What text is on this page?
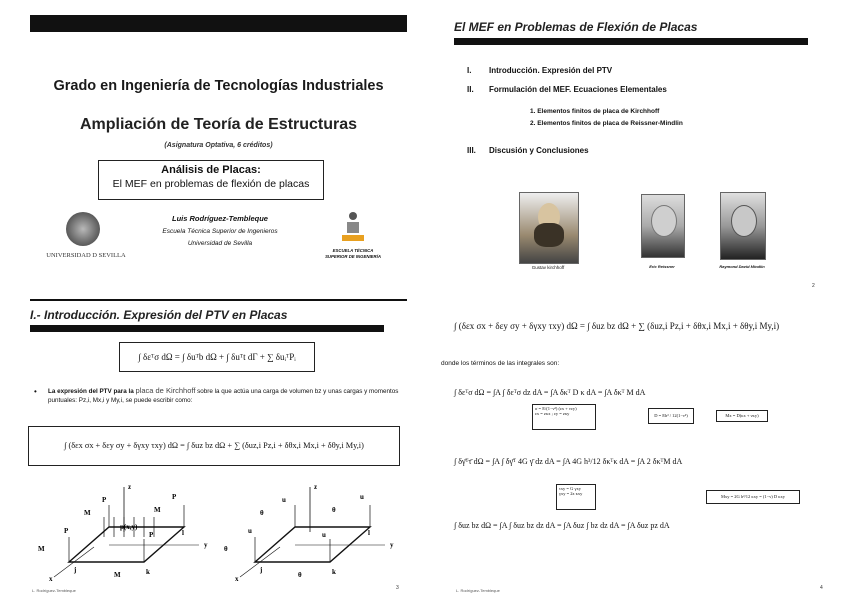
Grado en Ingeniería de Tecnologías Industriales
Ampliación de Teoría de Estructuras
(Asignatura Optativa, 6 créditos)
Análisis de Placas:
El MEF en problemas de flexión de placas
UNIVERSIDAD D SEVILLA
Luis Rodríguez-Tembleque
Escuela Técnica Superior de Ingenieros
Universidad de Sevilla
ESCUELA TÉCNICA
SUPERIOR DE INGENIERÍA
El MEF en Problemas de Flexión de Placas
I. Introducción. Expresión del PTV
II. Formulación del MEF. Ecuaciones Elementales
1. Elementos finitos de placa de Kirchhoff
2. Elementos finitos de placa de Reissner-Mindlin
III. Discusión y Conclusiones
Gustav kirchhoff	Eric Reissner	Raymond David Mindlin
2
I.- Introducción. Expresión del PTV en Placas
∫ δεᵀσ dΩ = ∫ δuᵀb dΩ + ∫ δuᵀt dΓ + ∑ δuᵢᵀPᵢ
• La expresión del PTV para la placa de Kirchhoff sobre la que actúa una carga de volumen bz y unas cargas y momentos puntuales: Pz,i, Mx,i y My,i, se puede escribir como:
∫ (δεx σx + δεy σy + δγxy τxy) dΩ = ∫ δuz bz dΩ + ∑ (δuz,i Pz,i + δθx,i Mx,i + δθy,i My,i)
P	P
P	P
M	M
M
M
p(x,y)
j	k
l
y
x
z
u	u
u	u
θ	θ
θ
θ
j	k
l
y
x
z
L. Rodríguez-Tembleque	3
∫ (δεx σx + δεy σy + δγxy τxy) dΩ = ∫ δuz bz dΩ + ∑ (δuz,i Pz,i + δθx,i Mx,i + δθy,i My,i)
donde los términos de las integrales son:
∫ δεᵀσ dΩ = ∫A ∫ δεᵀσ dz dA = ∫A δκᵀ D κ dA = ∫A δκᵀ M dA
σ = E/(1−ν²) (εx + νεy)
εx = zκx ; εy = zκy	D = Eh³ / 12(1−ν²)	Mx = D(κx + νκy)
∫ δγ̄ᵀτ̄ dΩ = ∫A ∫ δγ̄ᵀ 4G γ̄ dz dA = ∫A 4G h³/12 δκᵀκ dA = ∫A 2 δκᵀM dA
τxy = G γxy
γxy = 2z κxy
Mxy = 2G h³/12 κxy = (1−ν) D κxy
∫ δuz bz dΩ = ∫A ∫ δuz bz dz dA = ∫A δuz ∫ bz dz dA = ∫A δuz pz dA
L. Rodríguez-Tembleque	4
